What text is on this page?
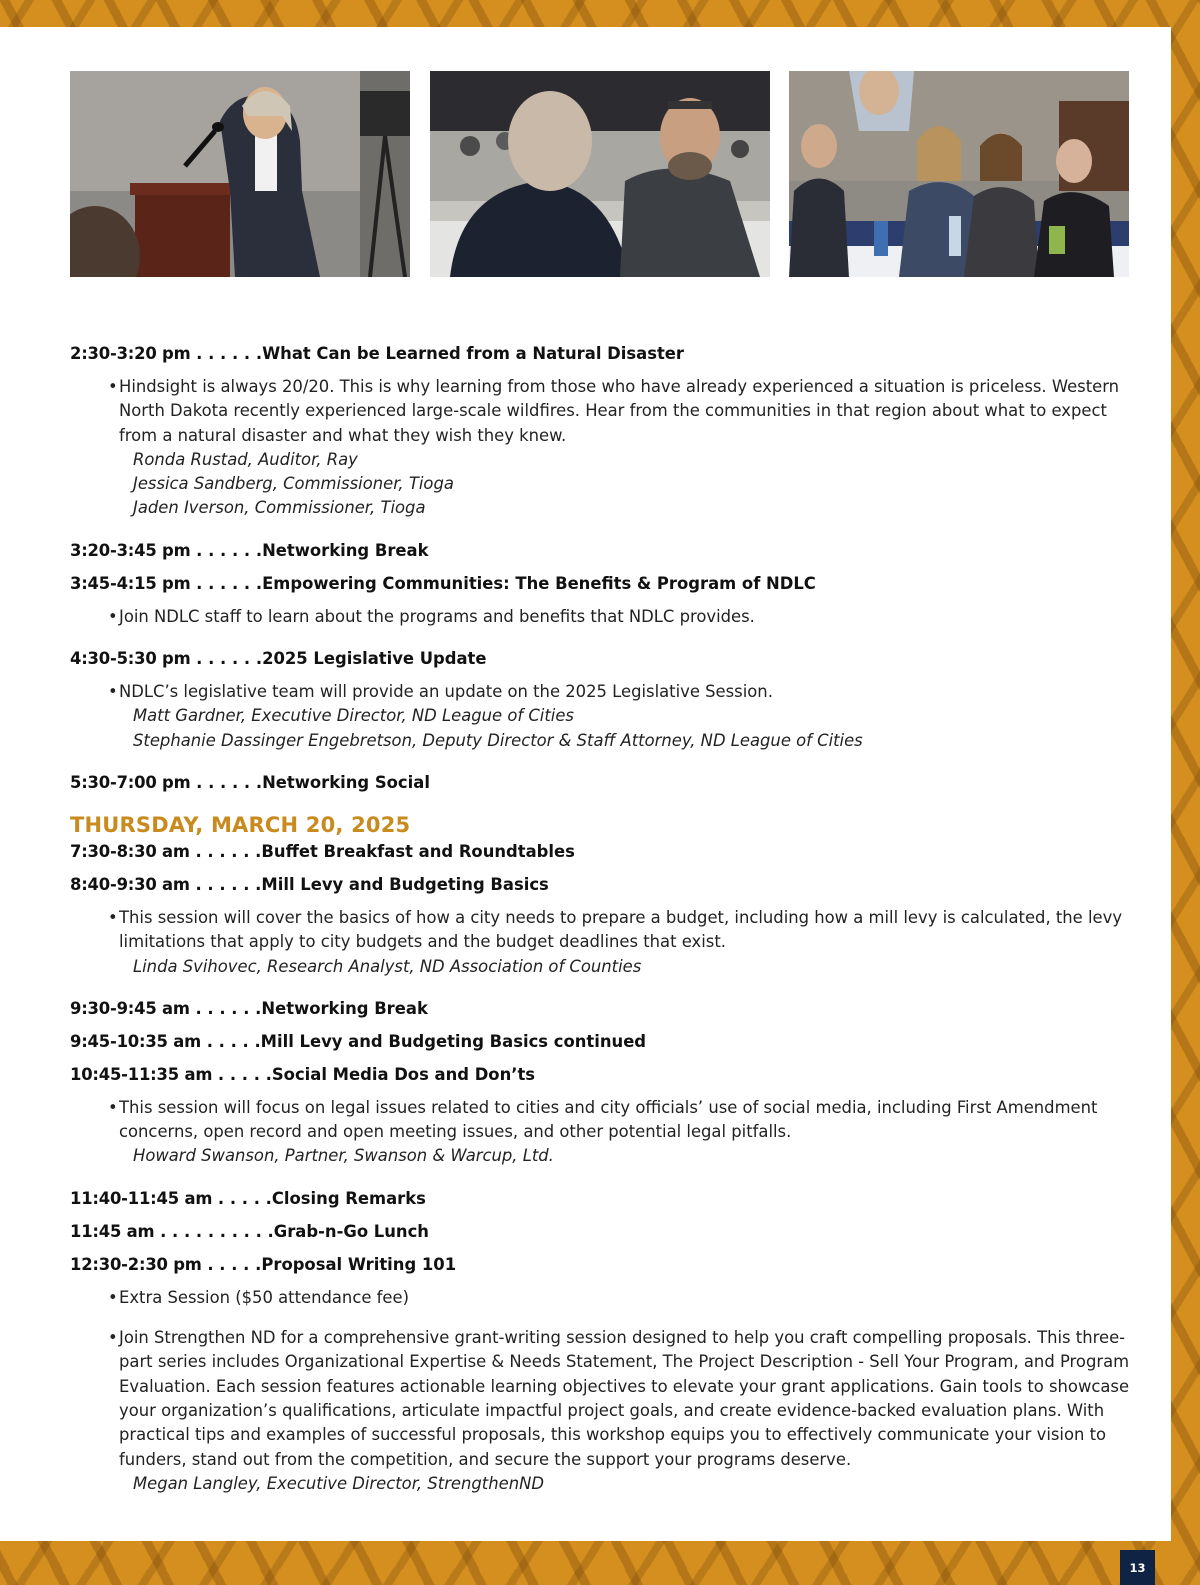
2:30-3:20 pm . . . . . .What Can be Learned from a Natural Disaster
• Hindsight is always 20/20. This is why learning from those who have already experienced a situation is priceless. Western North Dakota recently experienced large-scale wildfires. Hear from the communities in that region about what to expect from a natural disaster and what they wish they knew.
Ronda Rustad, Auditor, Ray
Jessica Sandberg, Commissioner, Tioga
Jaden Iverson, Commissioner, Tioga
3:20-3:45 pm . . . . . .Networking Break
3:45-4:15 pm . . . . . .Empowering Communities: The Benefits & Program of NDLC
• Join NDLC staff to learn about the programs and benefits that NDLC provides.
4:30-5:30 pm . . . . . .2025 Legislative Update
• NDLC’s legislative team will provide an update on the 2025 Legislative Session.
Matt Gardner, Executive Director, ND League of Cities
Stephanie Dassinger Engebretson, Deputy Director & Staff Attorney, ND League of Cities
5:30-7:00 pm . . . . . .Networking Social
THURSDAY, MARCH 20, 2025
7:30-8:30 am . . . . . .Buffet Breakfast and Roundtables
8:40-9:30 am . . . . . .Mill Levy and Budgeting Basics
• This session will cover the basics of how a city needs to prepare a budget, including how a mill levy is calculated, the levy limitations that apply to city budgets and the budget deadlines that exist.
Linda Svihovec, Research Analyst, ND Association of Counties
9:30-9:45 am . . . . . .Networking Break
9:45-10:35 am . . . . .Mill Levy and Budgeting Basics continued
10:45-11:35 am . . . . .Social Media Dos and Don’ts
• This session will focus on legal issues related to cities and city officials’ use of social media, including First Amendment concerns, open record and open meeting issues, and other potential legal pitfalls.
Howard Swanson, Partner, Swanson & Warcup, Ltd.
11:40-11:45 am . . . . .Closing Remarks
11:45 am . . . . . . . . . .Grab-n-Go Lunch
12:30-2:30 pm . . . . .Proposal Writing 101
• Extra Session ($50 attendance fee)
• Join Strengthen ND for a comprehensive grant-writing session designed to help you craft compelling proposals. This three-part series includes Organizational Expertise & Needs Statement, The Project Description - Sell Your Program, and Program Evaluation. Each session features actionable learning objectives to elevate your grant applications. Gain tools to showcase your organization’s qualifications, articulate impactful project goals, and create evidence-backed evaluation plans. With practical tips and examples of successful proposals, this workshop equips you to effectively communicate your vision to funders, stand out from the competition, and secure the support your programs deserve.
Megan Langley, Executive Director, StrengthenND
13
